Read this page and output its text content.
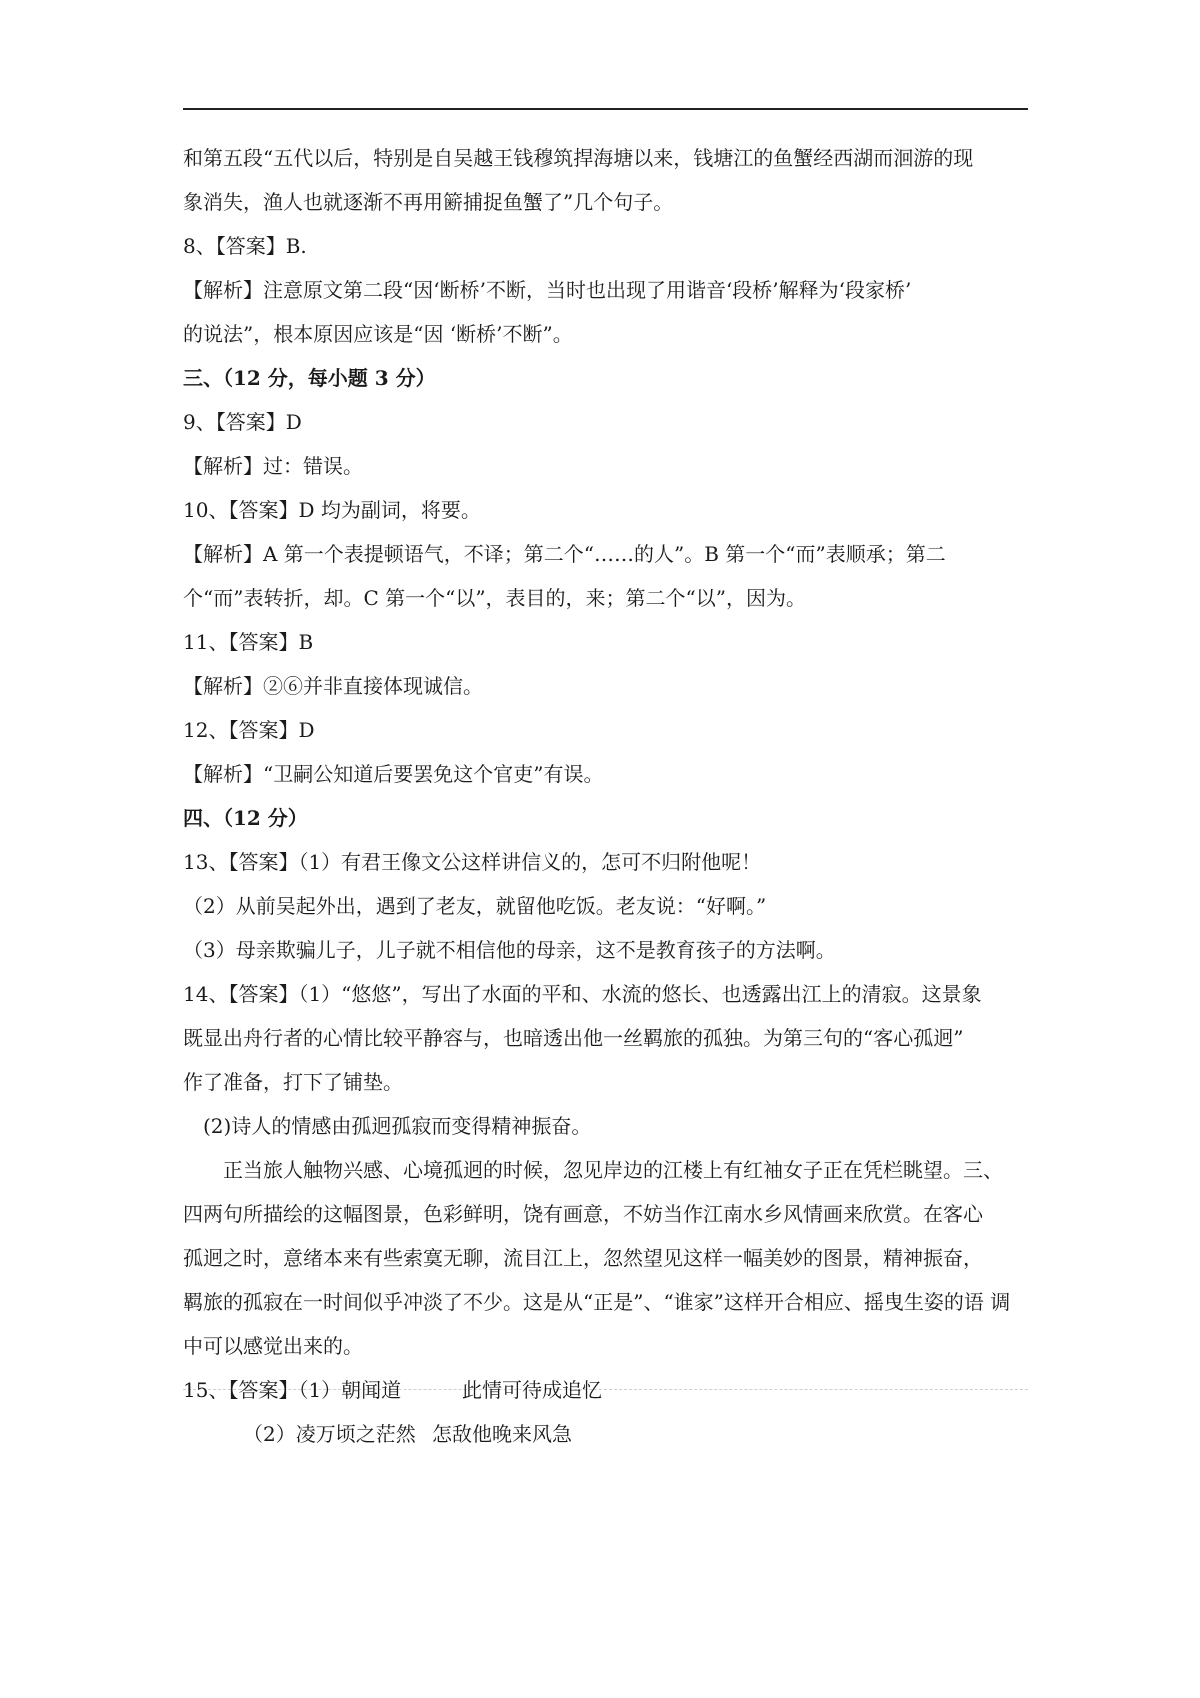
和第五段“五代以后，特别是自吴越王钱穆筑捍海塘以来，钱塘江的鱼蟹经西湖而洄游的现
象消失，渔人也就逐渐不再用簖捕捉鱼蟹了”几个句子。
8、【答案】B.
【解析】注意原文第二段“因‘断桥’不断，当时也出现了用谐音‘段桥’解释为‘段家桥’
的说法”，根本原因应该是“因 ‘断桥’不断”。
三、（12 分，每小题 3 分）
9、【答案】D
【解析】过：错误。
10、【答案】D 均为副词，将要。
【解析】A 第一个表提顿语气，不译；第二个“……的人”。B 第一个“而”表顺承；第二
个“而”表转折，却。C 第一个“以”，表目的，来；第二个“以”，因为。
11、【答案】B
【解析】②⑥并非直接体现诚信。
12、【答案】D
【解析】“卫嗣公知道后要罢免这个官吏”有误。
四、（12 分）
13、【答案】（1）有君王像文公这样讲信义的，怎可不归附他呢！
（2）从前吴起外出，遇到了老友，就留他吃饭。老友说：“好啊。”
（3）母亲欺骗儿子，儿子就不相信他的母亲，这不是教育孩子的方法啊。
14、【答案】（1）“悠悠”，写出了水面的平和、水流的悠长、也透露出江上的清寂。这景象
既显出舟行者的心情比较平静容与，也暗透出他一丝羁旅的孤独。为第三句的“客心孤迥”
作了准备，打下了铺垫。
(2)诗人的情感由孤迥孤寂而变得精神振奋。
正当旅人触物兴感、心境孤迥的时候，忽见岸边的江楼上有红袖女子正在凭栏眺望。三、
四两句所描绘的这幅图景，色彩鲜明，饶有画意，不妨当作江南水乡风情画来欣赏。在客心
孤迥之时，意绪本来有些索寞无聊，流目江上，忽然望见这样一幅美妙的图景，精神振奋，
羁旅的孤寂在一时间似乎冲淡了不少。这是从“正是”、“谁家”这样开合相应、摇曳生姿的语 调
中可以感觉出来的。
15、【答案】（1）朝闻道	此情可待成追忆
（2）凌万顷之茫然 怎敌他晚来风急
